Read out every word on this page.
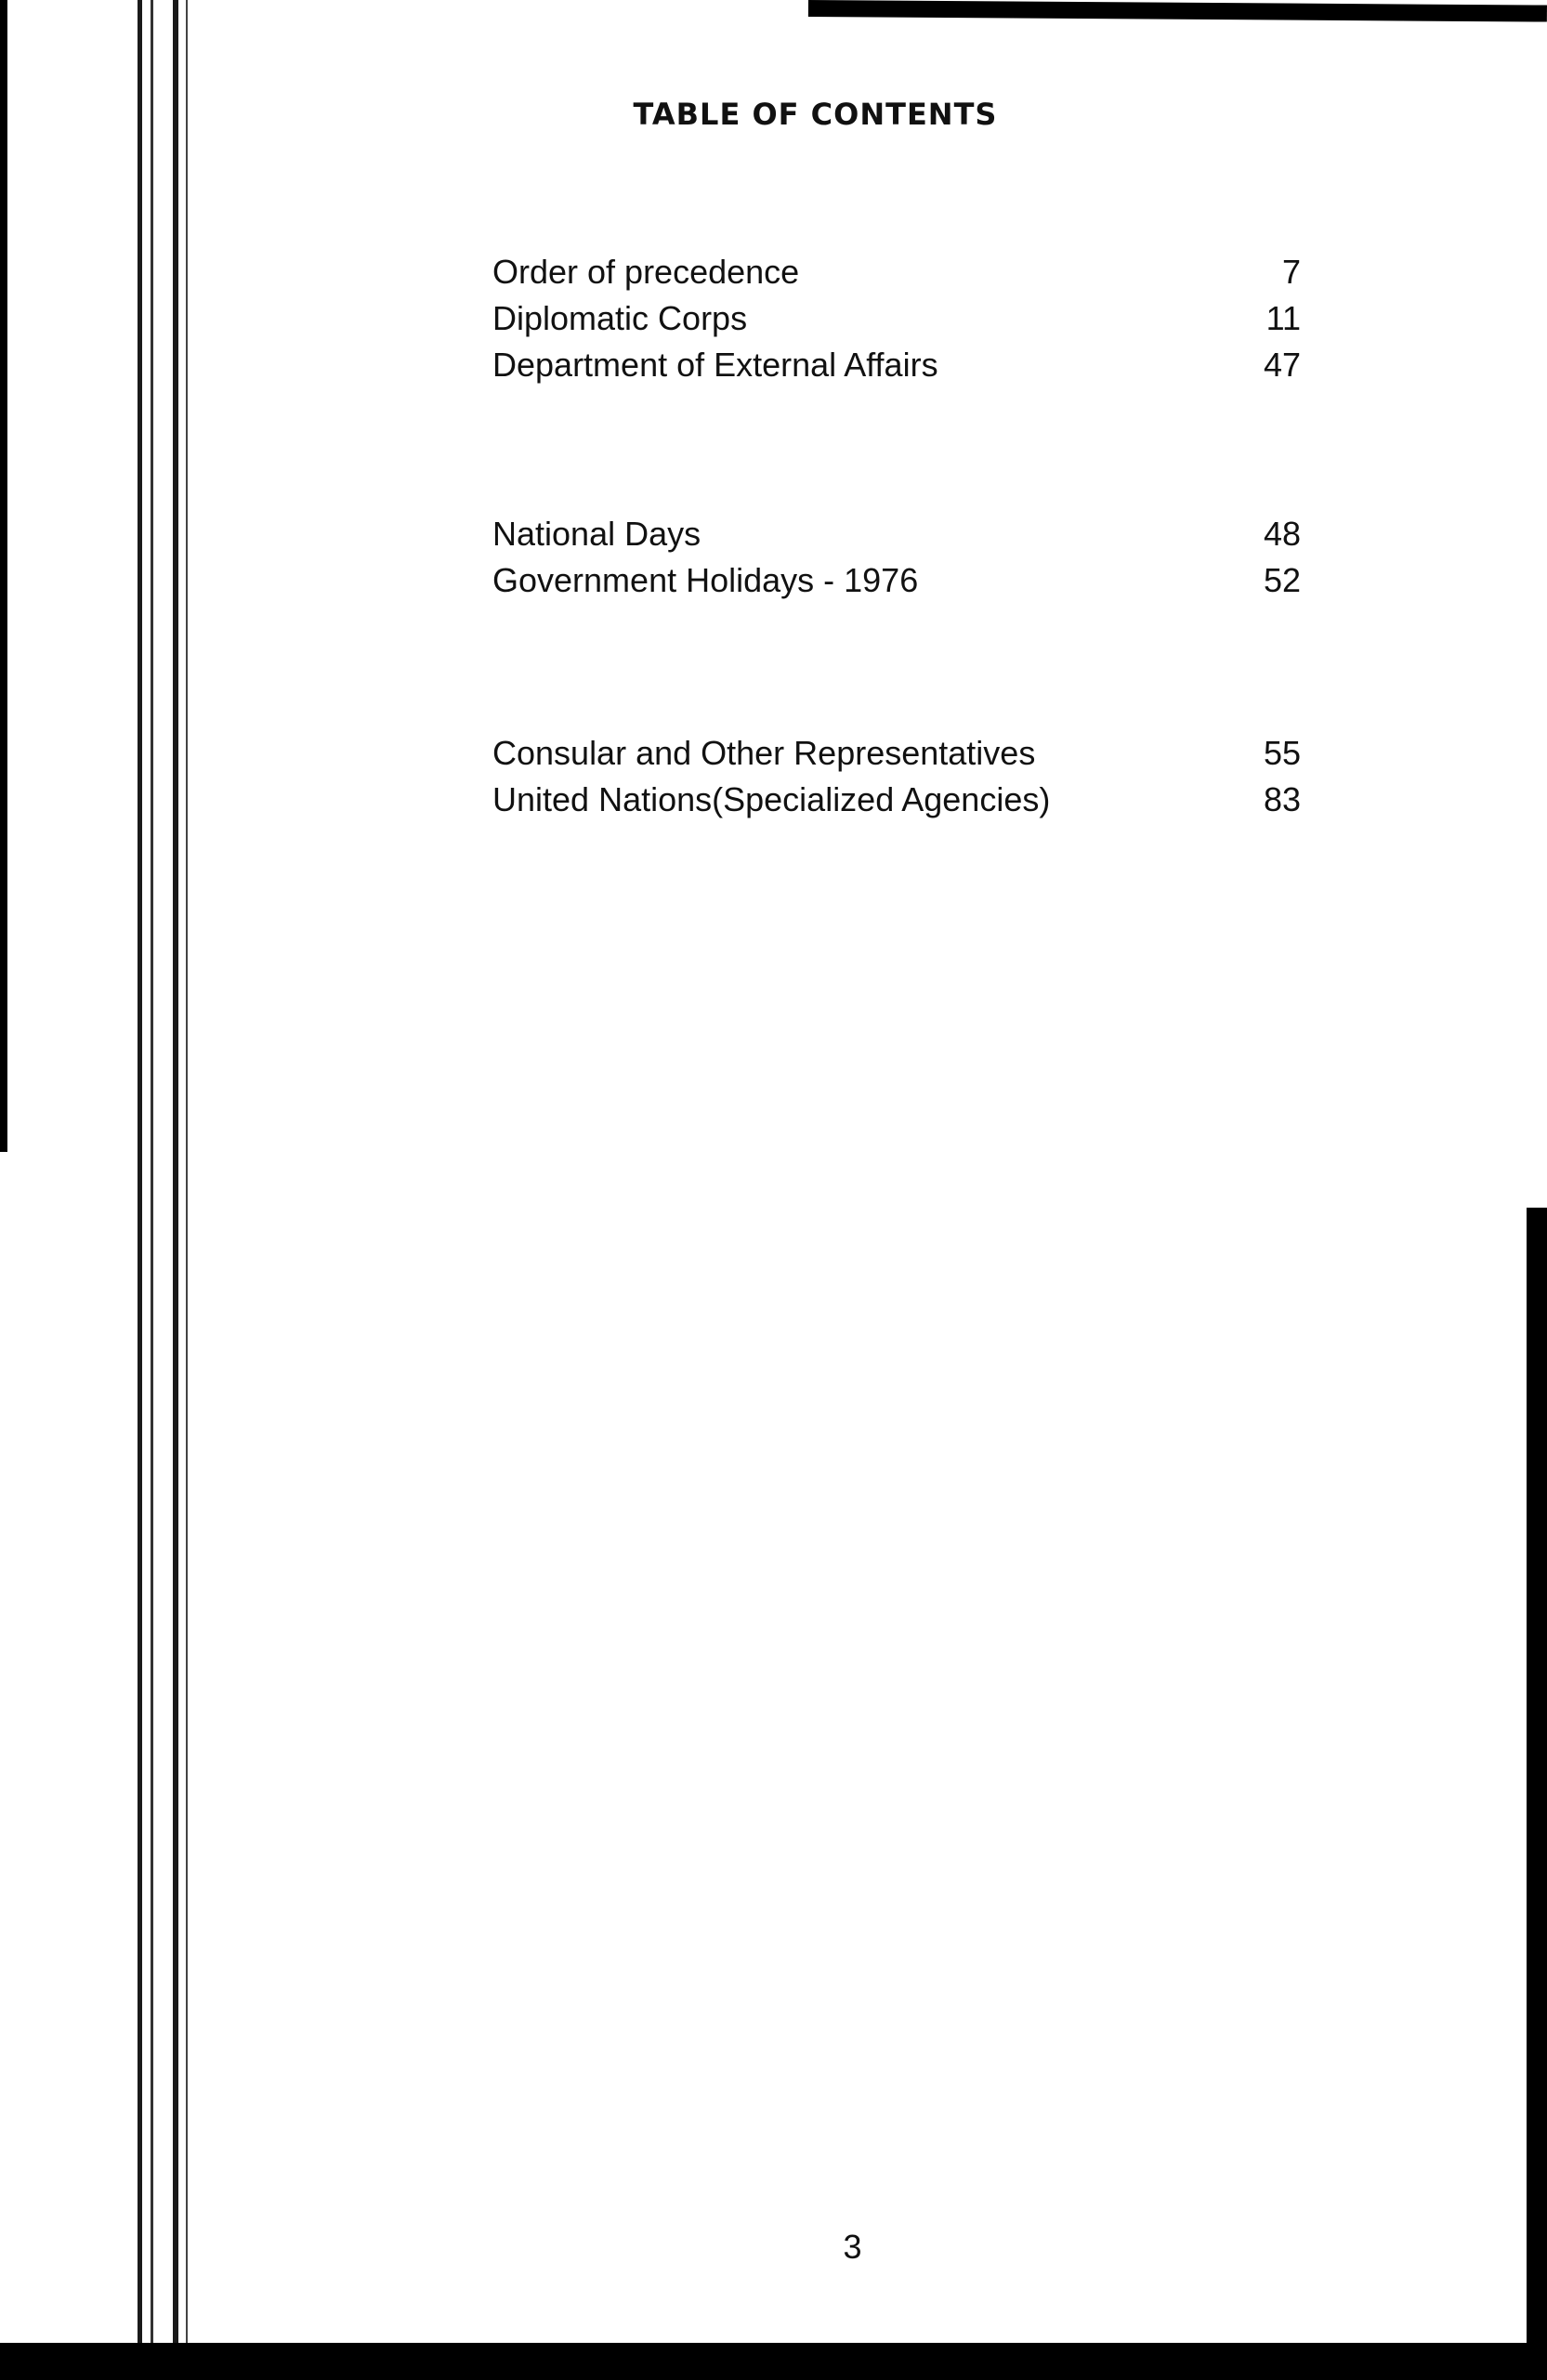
TABLE OF CONTENTS
Order of precedence	7
Diplomatic Corps	11
Department of External Affairs	47
National Days	48
Government Holidays - 1976	52
Consular and Other Representatives	55
United Nations(Specialized Agencies)	83
3
